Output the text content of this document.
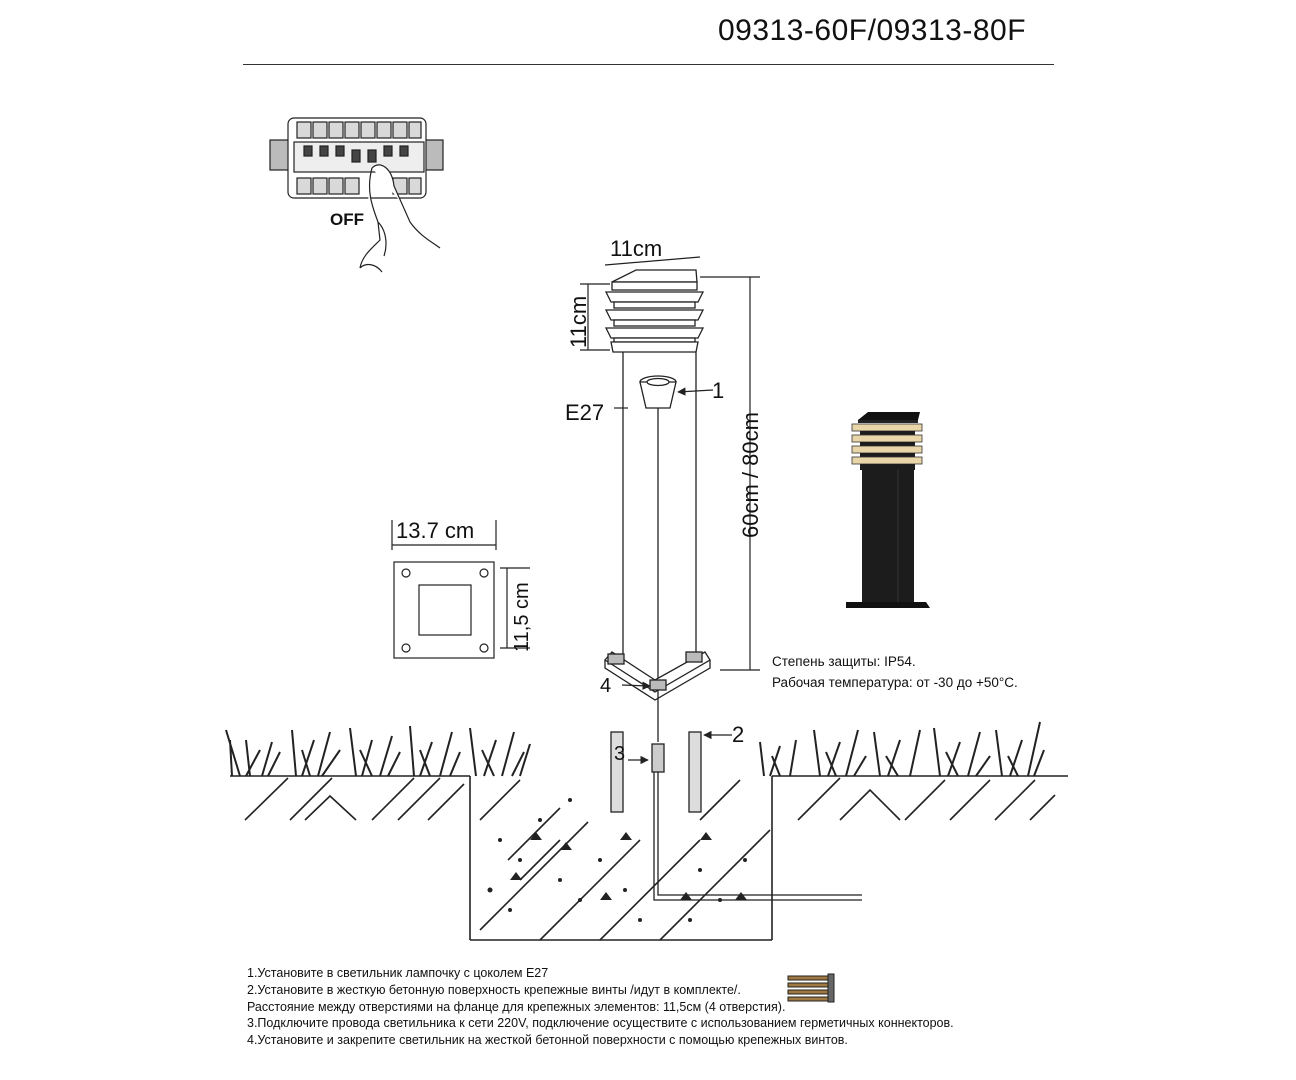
09313-60F/09313-80F
OFF
11cm
11cm
60cm / 80cm
E27
1
2
3
4
13.7 cm
11,5 cm
Степень защиты: IP54.
Рабочая температура: от -30 до +50°С.
1.Установите в светильник лампочку с цоколем Е27
2.Установите в жесткую бетонную поверхность крепежные винты /идут в комплекте/.
Расстояние между отверстиями на фланце для крепежных элементов: 11,5см (4 отверстия).
3.Подключите провода светильника к сети 220V, подключение осуществите с использованием герметичных коннекторов.
4.Установите и закрепите светильник на жесткой бетонной поверхности с помощью крепежных винтов.
